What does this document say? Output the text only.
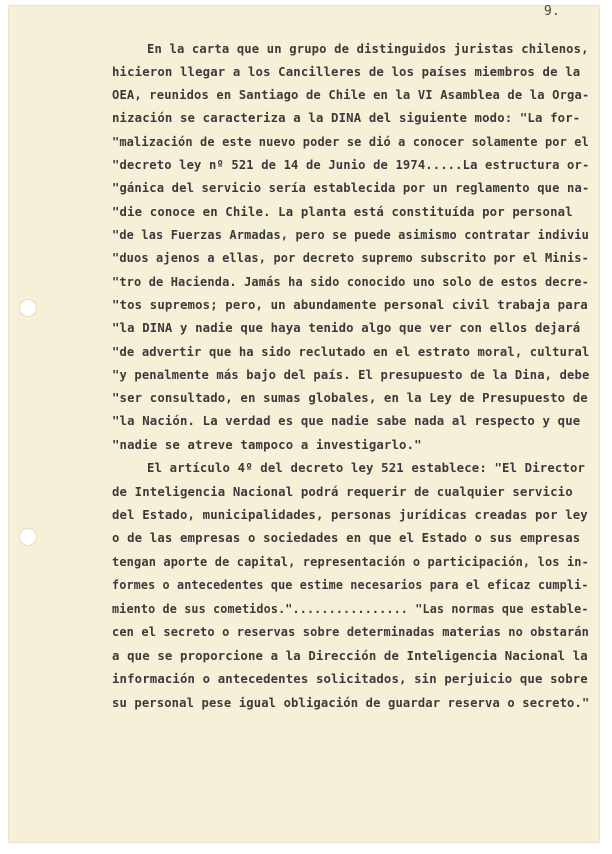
9.
En la carta que un grupo de distinguidos juristas chilenos,
hicieron llegar a los Cancilleres de los países miembros de la
OEA, reunidos en Santiago de Chile en la VI Asamblea de la Orga-
nización se caracteriza a la DINA del siguiente modo: "La for-
"malización de este nuevo poder se dió a conocer solamente por el
"decreto ley nº 521 de 14 de Junio de 1974.....La estructura or-
"gánica del servicio sería establecida por un reglamento que na-
"die conoce en Chile. La planta está constituída por personal
"de las Fuerzas Armadas, pero se puede asimismo contratar indiviu
"duos ajenos a ellas, por decreto supremo subscrito por el Minis-
"tro de Hacienda. Jamás ha sido conocido uno solo de estos decre-
"tos supremos; pero, un abundamente personal civil trabaja para
"la DINA y nadie que haya tenido algo que ver con ellos dejará
"de advertir que ha sido reclutado en el estrato moral, cultural
"y penalmente más bajo del país. El presupuesto de la Dina, debe
"ser consultado, en sumas globales, en la Ley de Presupuesto de
"la Nación. La verdad es que nadie sabe nada al respecto y que
"nadie se atreve tampoco a investigarlo."
El artículo 4º del decreto ley 521 establece: "El Director
de Inteligencia Nacional podrá requerir de cualquier servicio
del Estado, municipalidades, personas jurídicas creadas por ley
o de las empresas o sociedades en que el Estado o sus empresas
tengan aporte de capital, representación o participación, los in-
formes o antecedentes que estime necesarios para el eficaz cumpli-
miento de sus cometidos."................ "Las normas que estable-
cen el secreto o reservas sobre determinadas materias no obstarán
a que se proporcione a la Dirección de Inteligencia Nacional la
información o antecedentes solicitados, sin perjuicio que sobre
su personal pese igual obligación de guardar reserva o secreto."
